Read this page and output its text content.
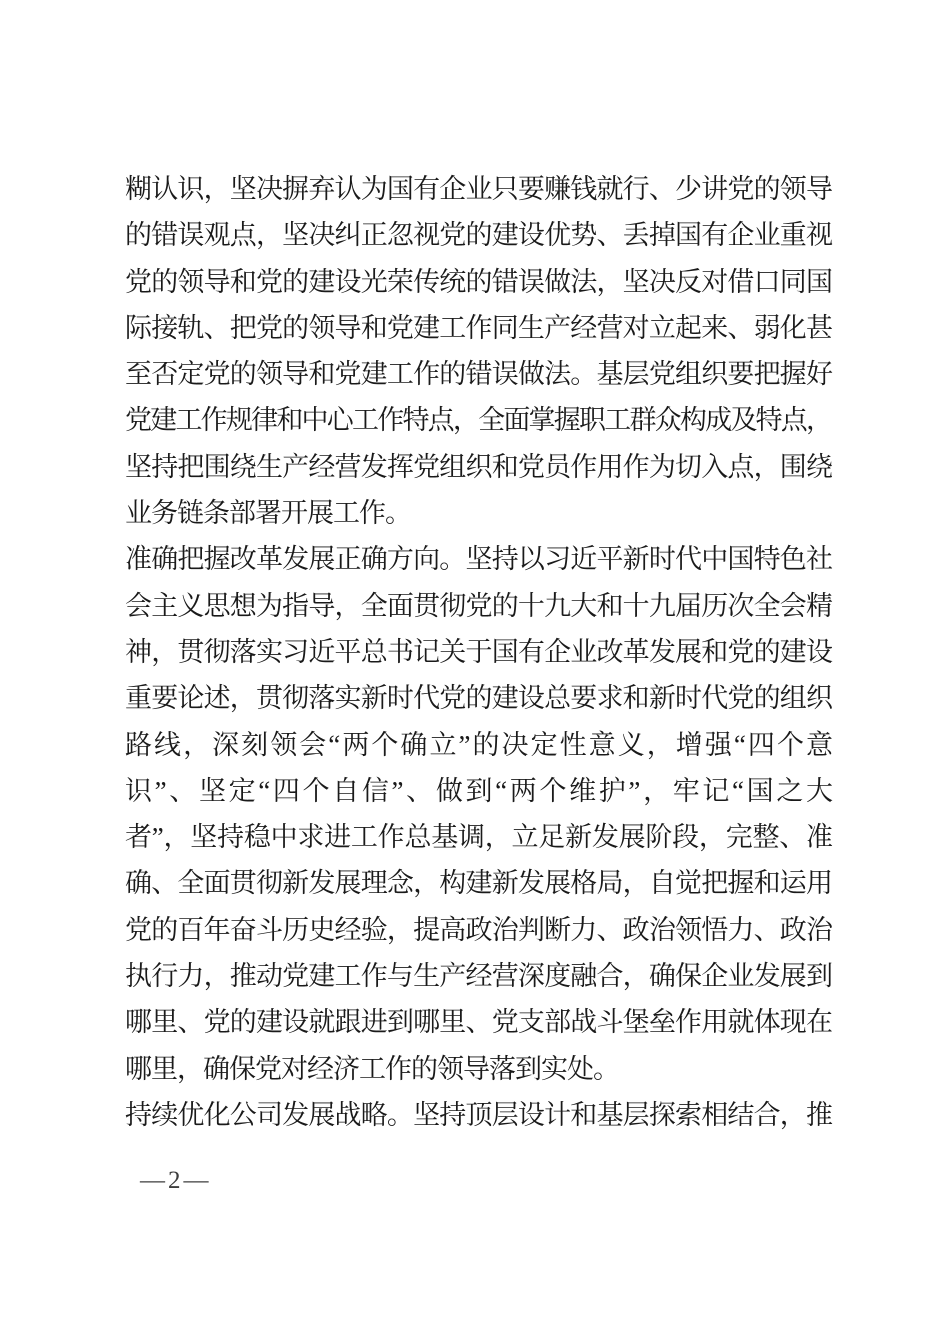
糊认识，坚决摒弃认为国有企业只要赚钱就行、少讲党的领导
的错误观点，坚决纠正忽视党的建设优势、丢掉国有企业重视
党的领导和党的建设光荣传统的错误做法，坚决反对借口同国
际接轨、把党的领导和党建工作同生产经营对立起来、弱化甚
至否定党的领导和党建工作的错误做法。基层党组织要把握好
党建工作规律和中心工作特点，全面掌握职工群众构成及特点，
坚持把围绕生产经营发挥党组织和党员作用作为切入点，围绕
业务链条部署开展工作。
准确把握改革发展正确方向。坚持以习近平新时代中国特色社
会主义思想为指导，全面贯彻党的十九大和十九届历次全会精
神，贯彻落实习近平总书记关于国有企业改革发展和党的建设
重要论述，贯彻落实新时代党的建设总要求和新时代党的组织
路线，深刻领会“两个确立”的决定性意义，增强“四个意
识”、坚定“四个自信”、做到“两个维护”，牢记“国之大
者”，坚持稳中求进工作总基调，立足新发展阶段，完整、准
确、全面贯彻新发展理念，构建新发展格局，自觉把握和运用
党的百年奋斗历史经验，提高政治判断力、政治领悟力、政治
执行力，推动党建工作与生产经营深度融合，确保企业发展到
哪里、党的建设就跟进到哪里、党支部战斗堡垒作用就体现在
哪里，确保党对经济工作的领导落到实处。
持续优化公司发展战略。坚持顶层设计和基层探索相结合，推
—2—
